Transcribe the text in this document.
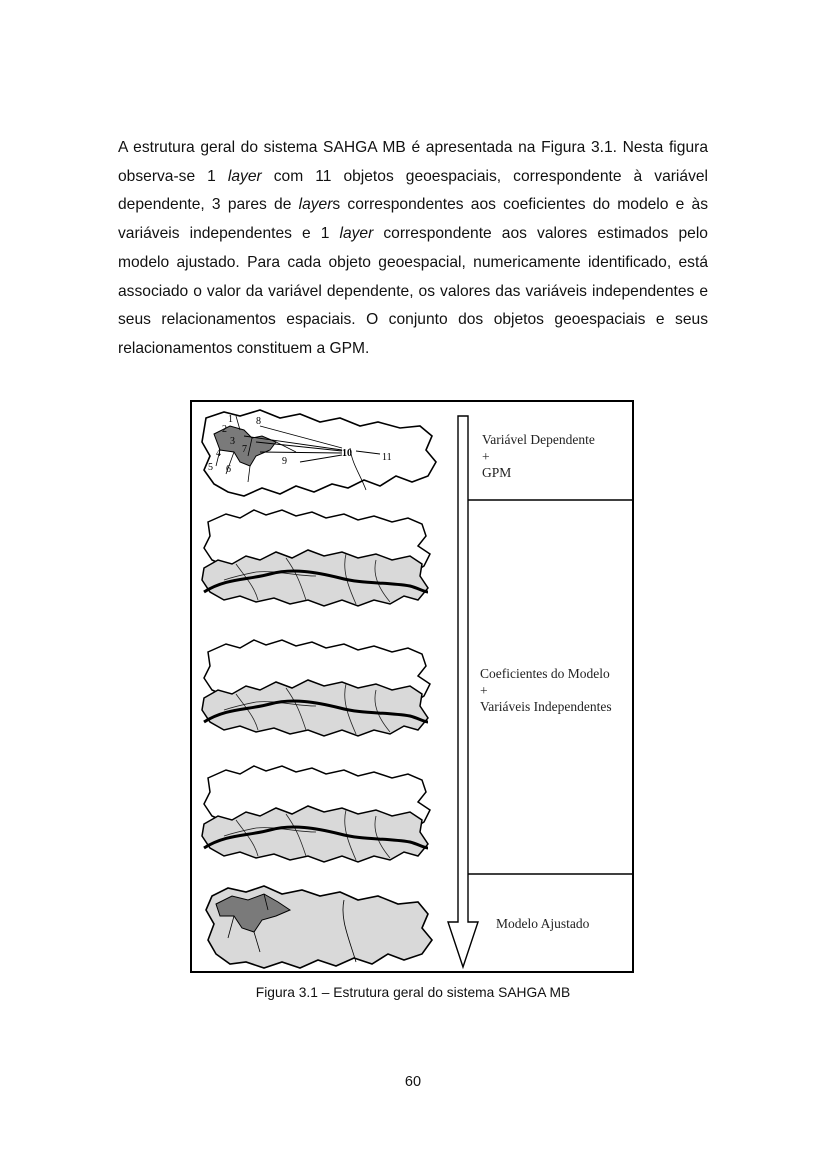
A estrutura geral do sistema SAHGA MB é apresentada na Figura 3.1. Nesta figura observa-se 1 layer com 11 objetos geoespaciais, correspondente à variável dependente, 3 pares de layers correspondentes aos coeficientes do modelo e às variáveis independentes e 1 layer correspondente aos valores estimados pelo modelo ajustado. Para cada objeto geoespacial, numericamente identificado, está associado o valor da variável dependente, os valores das variáveis independentes e seus relacionamentos espaciais. O conjunto dos objetos geoespaciais e seus relacionamentos constituem a GPM.

1
2
3
4
5 6
7
8
9
10	11

Variável Dependente
+
GPM

Coeficientes do Modelo
+
Variáveis Independentes

Modelo Ajustado

Figura 3.1 – Estrutura geral do sistema SAHGA MB

60
